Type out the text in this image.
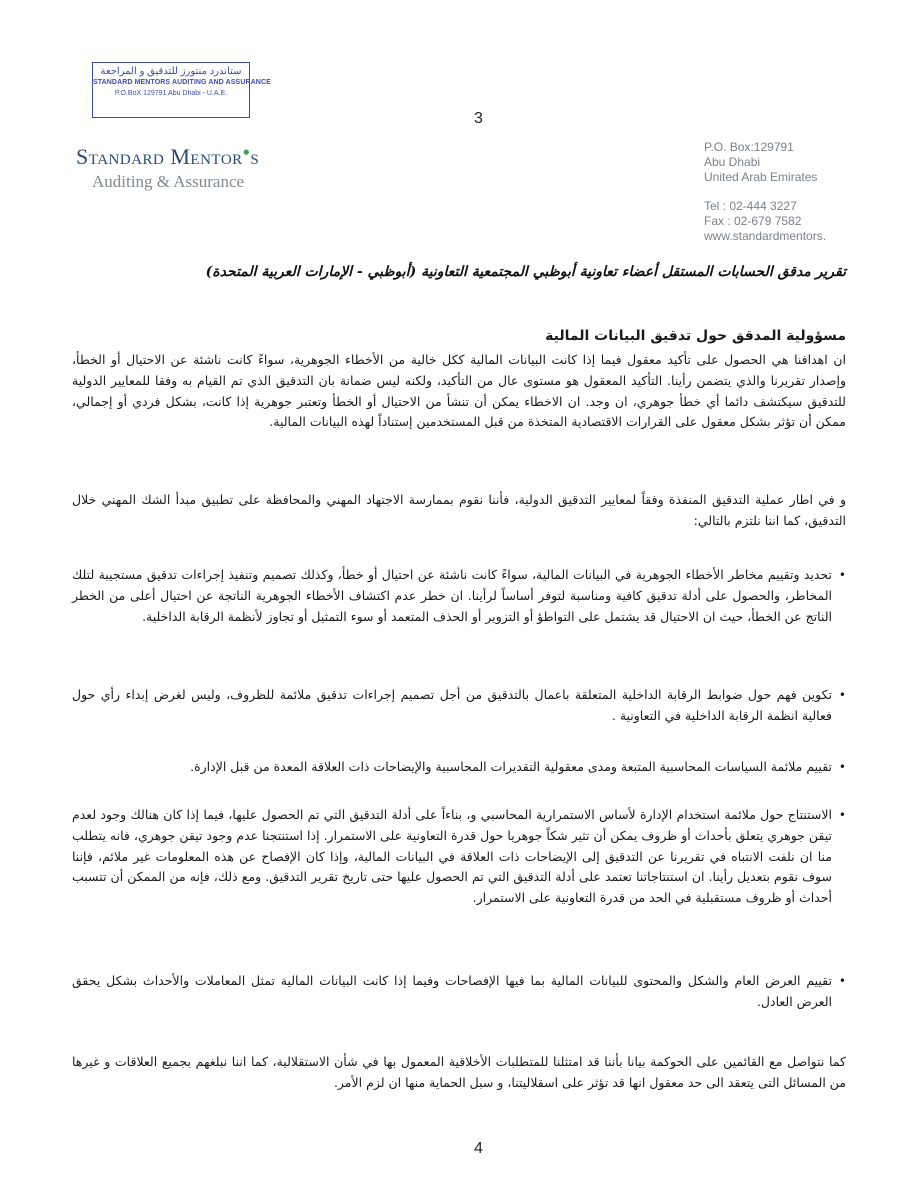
ستاندرد منتورز للتدقيق و المراجعة
STANDARD MENTORS AUDITING AND ASSURANCE
P.O.BoX 129791 Abu Dhabi - U.A.E.
3
Standard Mentor●s
Auditing & Assurance
P.O. Box:129791
Abu Dhabi
United Arab Emirates
Tel : 02-444 3227
Fax : 02-679 7582
www.standardmentors.
تقرير مدقق الحسابات المستقل أعضاء تعاونية أبوظبي المجتمعية التعاونية (أبوظبي - الإمارات العربية المتحدة)
مسؤولية المدقق حول تدقيق البيانات المالية
ان اهدافنا هي الحصول على تأكيد معقول فيما إذا كانت البيانات المالية ككل خالية من الأخطاء الجوهرية، سواءً كانت ناشئة عن الاحتيال أو الخطأ، وإصدار تقريرنا والذي يتضمن رأينا. التأكيد المعقول هو مستوى عال من التأكيد، ولكنه ليس ضمانة بان التدقيق الذي تم القيام به وفقا للمعايير الدولية للتدقيق سيكتشف دائما أي خطأ جوهري، ان وجد. ان الاخطاء يمكن أن تنشأ من الاحتيال أو الخطأ وتعتبر جوهرية إذا كانت، بشكل فردي أو إجمالي، ممكن أن تؤثر بشكل معقول على القرارات الاقتصادية المتخذة من قبل المستخدمين إستناداً لهذه البيانات المالية.
و في اطار عملية التدقيق المنفذة وفقاً لمعايير التدقيق الدولية، فأننا نقوم بممارسة الاجتهاد المهني والمحافظة على تطبيق مبدأ الشك المهني خلال التدقيق، كما اننا نلتزم بالتالي:
• تحديد وتقييم مخاطر الأخطاء الجوهرية في البيانات المالية، سواءً كانت ناشئة عن احتيال أو خطأ، وكذلك تصميم وتنفيذ إجراءات تدقيق مستجيبة لتلك المخاطر، والحصول على أدلة تدقيق كافية ومناسبة لتوفر أساساً لرأينا. ان خطر عدم اكتشاف الأخطاء الجوهرية الناتجة عن احتيال أعلى من الخطر الناتج عن الخطأ، حيث ان الاحتيال قد يشتمل على التواطؤ أو التزوير أو الحذف المتعمد أو سوء التمثيل أو تجاوز لأنظمة الرقابة الداخلية.
• تكوين فهم حول ضوابط الرقابة الداخلية المتعلقة باعمال بالتدقيق من أجل تصميم إجراءات تدقيق ملائمة للظروف، وليس لغرض إبداء رأي حول فعالية انظمة الرقابة الداخلية في التعاونية .
• تقييم ملائمة السياسات المحاسبية المتبعة ومدى معقولية التقديرات المحاسبية والإيضاحات ذات العلاقة المعدة من قبل الإدارة.
• الاستنتاج حول ملائمة استخدام الإدارة لأساس الاستمرارية المحاسبي و، بناءاً على أدلة التدقيق التي تم الحصول عليها، فيما إذا كان هنالك وجود لعدم تيقن جوهري يتعلق بأحداث أو ظروف يمكن أن تثير شكاً جوهريا حول قدرة التعاونية على الاستمرار. إذا استنتجنا عدم وجود تيقن جوهري، فانه يتطلب منا ان نلفت الانتباه في تقريرنا عن التدقيق إلى الإيضاحات ذات العلاقة في البيانات المالية، وإذا كان الإفصاح عن هذه المعلومات غير ملائم، فإننا سوف نقوم بتعديل رأينا. ان استنتاجاتنا تعتمد على أدلة التدقيق التي تم الحصول عليها حتى تاريخ تقرير التدقيق. ومع ذلك، فإنه من الممكن أن تتسبب أحداث أو ظروف مستقبلية في الحد من قدرة التعاونية على الاستمرار.
• تقييم العرض العام والشكل والمحتوى للبيانات المالية بما فيها الإفصاحات وفيما إذا كانت البيانات المالية تمثل المعاملات والأحداث بشكل يحقق العرض العادل.
كما نتواصل مع القائمين على الحوكمة بيانا بأننا قد امتثلنا للمتطلبات الأخلاقية المعمول بها في شأن الاستقلالية، كما اننا نبلغهم بجميع العلاقات و غيرها من المسائل التى يتعقد الى حد معقول انها قد تؤثر على اسقلاليتنا، و سبل الحماية منها ان لزم الأمر.
4
